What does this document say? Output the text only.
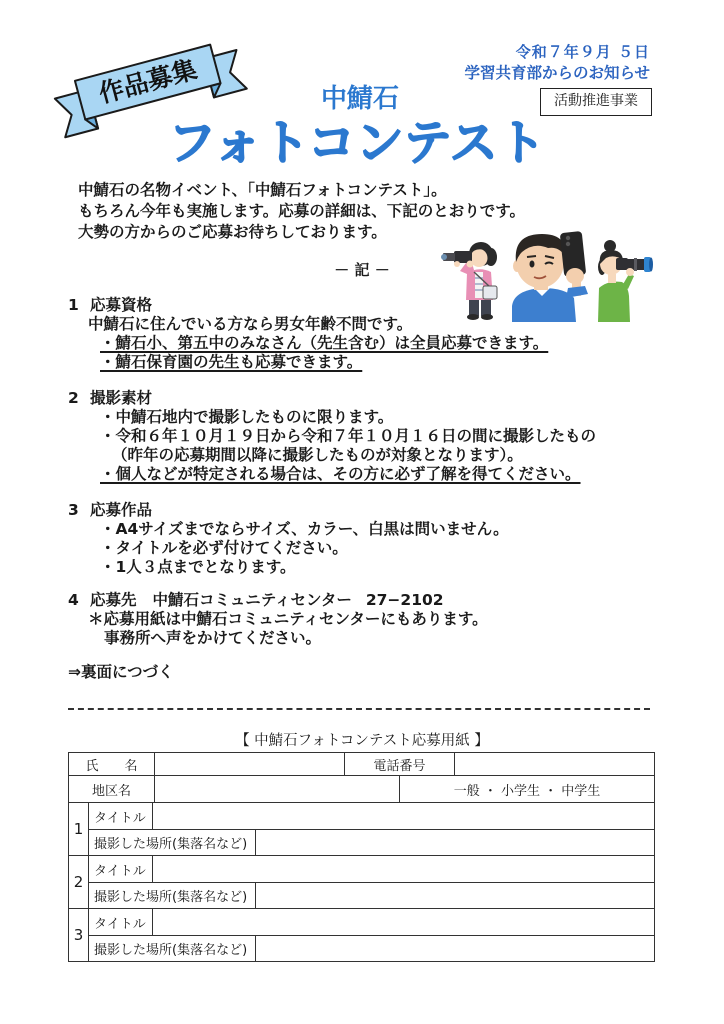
作品募集
令和７年９月 ５日
学習共育部からのお知らせ
活動推進事業
中鯖石
フォトコンテスト
中鯖石の名物イベント、「中鯖石フォトコンテスト」。
もちろん今年も実施します。応募の詳細は、下記のとおりです。
大勢の方からのご応募お待ちしております。
－ 記 －
1 応募資格
中鯖石に住んでいる方なら男女年齢不問です。
・鯖石小、第五中のみなさん（先生含む）は全員応募できます。
・鯖石保育園の先生も応募できます。
2 撮影素材
・中鯖石地内で撮影したものに限ります。
・令和６年１０月１９日から令和７年１０月１６日の間に撮影したもの
（昨年の応募期間以降に撮影したものが対象となります）。
・個人などが特定される場合は、その方に必ず了解を得てください。
3 応募作品
・A4サイズまでならサイズ、カラー、白黒は問いません。
・タイトルを必ず付けてください。
・1人３点までとなります。
4 応募先 中鯖石コミュニティセンター 27−2102
＊応募用紙は中鯖石コミュニティセンターにもあります。
事務所へ声をかけてください。
⇒裏面につづく
【 中鯖石フォトコンテスト応募用紙 】
氏　　名	電話番号
地区名	一般 ・ 小学生 ・ 中学生
1
タイトル
撮影した場所(集落名など)
2
タイトル
撮影した場所(集落名など)
3
タイトル
撮影した場所(集落名など)
